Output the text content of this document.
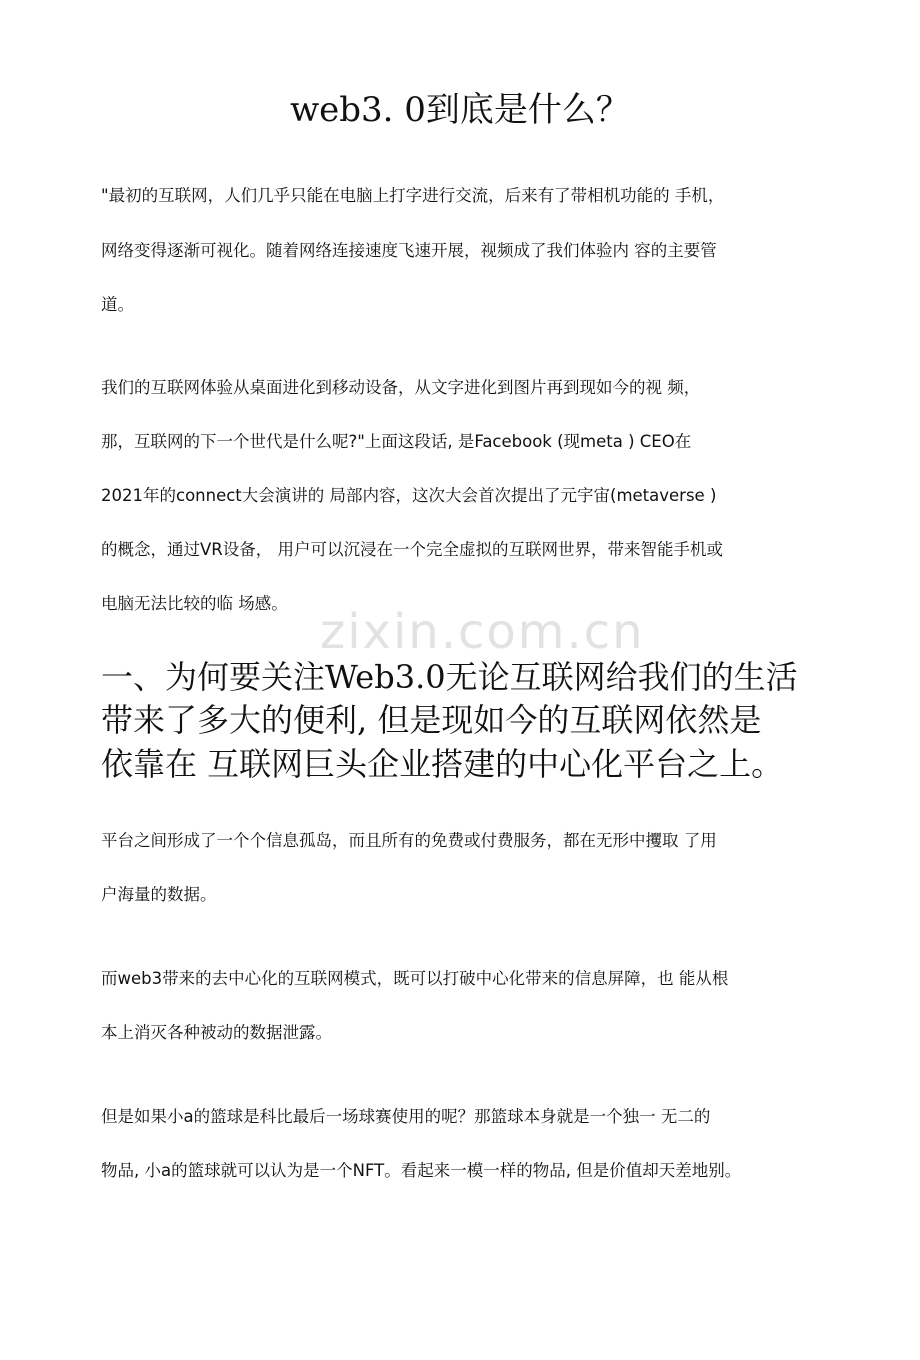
zixin.com.cn
web3. 0到底是什么？
"最初的互联网，人们几乎只能在电脑上打字进行交流，后来有了带相机功能的 手机，
网络变得逐渐可视化。随着网络连接速度飞速开展，视频成了我们体验内 容的主要管
道。
我们的互联网体验从桌面进化到移动设备，从文字进化到图片再到现如今的视 频，
那，互联网的下一个世代是什么呢?"上面这段话, 是Facebook (现meta ) CEO在
2021年的connect大会演讲的 局部内容，这次大会首次提出了元宇宙(metaverse )
的概念，通过VR设备， 用户可以沉浸在一个完全虚拟的互联网世界，带来智能手机或
电脑无法比较的临 场感。
一、为何要关注Web3.0无论互联网给我们的生活
带来了多大的便利, 但是现如今的互联网依然是
依靠在 互联网巨头企业搭建的中心化平台之上。
平台之间形成了一个个信息孤岛，而且所有的免费或付费服务，都在无形中攫取 了用
户海量的数据。
而web3带来的去中心化的互联网模式，既可以打破中心化带来的信息屏障，也 能从根
本上消灭各种被动的数据泄露。
但是如果小a的篮球是科比最后一场球赛使用的呢？那篮球本身就是一个独一 无二的
物品, 小a的篮球就可以认为是一个NFT。看起来一模一样的物品, 但是价值却天差地别。
